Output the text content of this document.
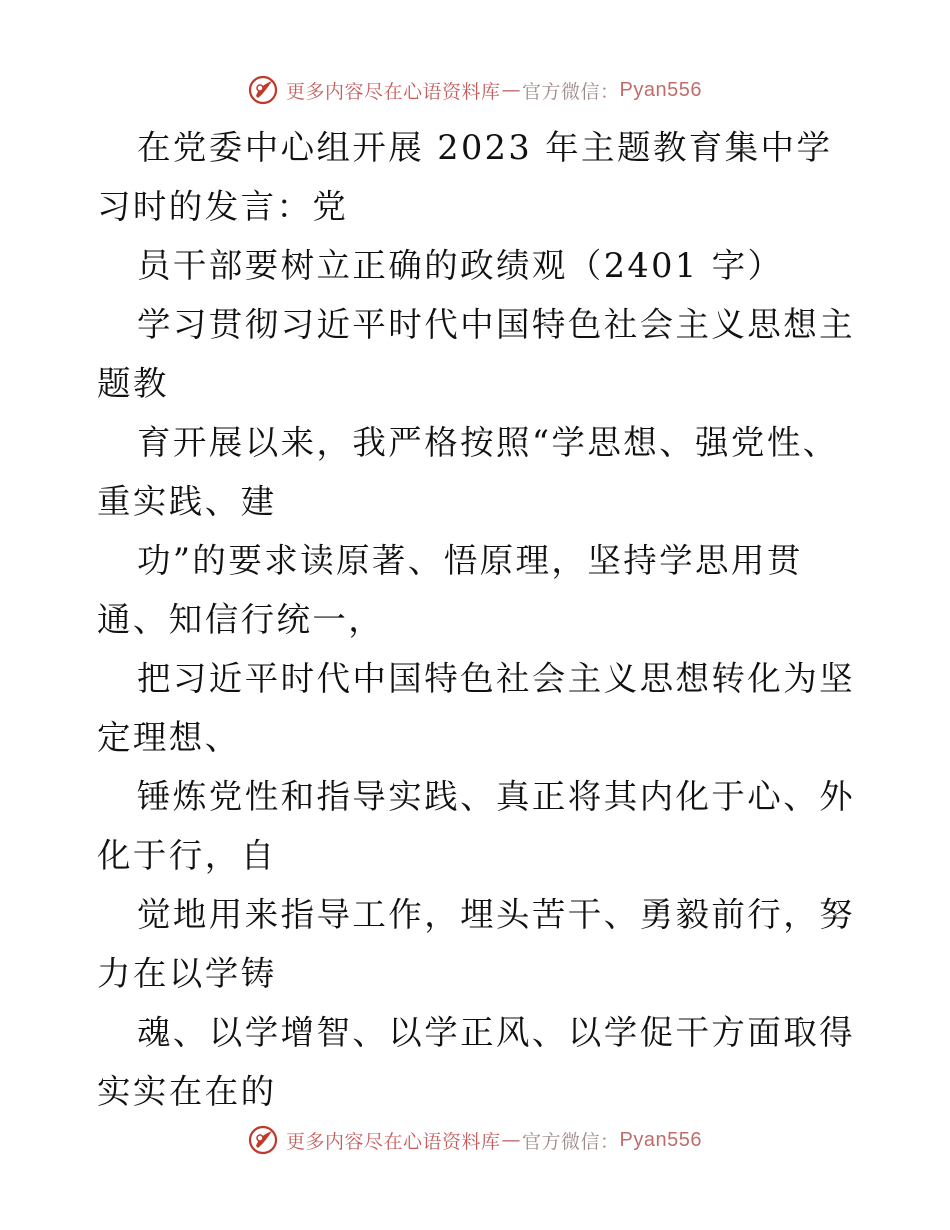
更多内容尽在心语资料库 — 官方微信： Pyan556

在党委中心组开展 2023 年主题教育集中学习时的发言：党

员干部要树立正确的政绩观（2401 字）

学习贯彻习近平时代中国特色社会主义思想主题教

育开展以来，我严格按照“学思想、强党性、重实践、建

功”的要求读原著、悟原理，坚持学思用贯通、知信行统一，

把习近平时代中国特色社会主义思想转化为坚定理想、

锤炼党性和指导实践、真正将其内化于心、外化于行，自

觉地用来指导工作，埋头苦干、勇毅前行，努力在以学铸

魂、以学增智、以学正风、以学促干方面取得实实在在的

更多内容尽在心语资料库 — 官方微信： Pyan556
